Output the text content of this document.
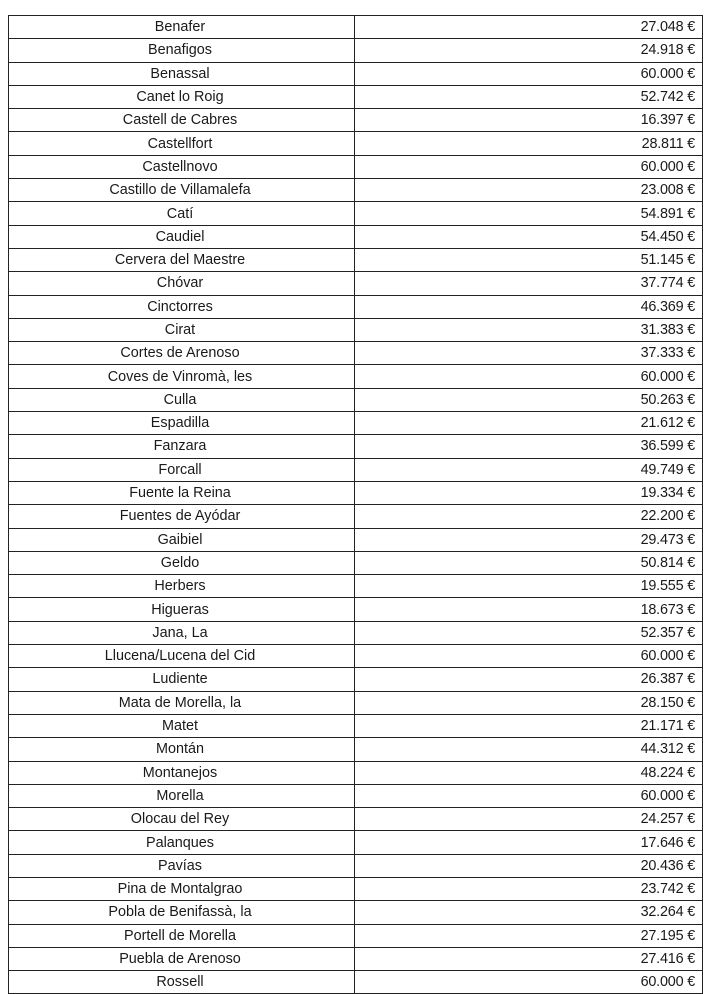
Benafer	27.048 €
Benafigos	24.918 €
Benassal	60.000 €
Canet lo Roig	52.742 €
Castell de Cabres	16.397 €
Castellfort	28.811 €
Castellnovo	60.000 €
Castillo de Villamalefa	23.008 €
Catí	54.891 €
Caudiel	54.450 €
Cervera del Maestre	51.145 €
Chóvar	37.774 €
Cinctorres	46.369 €
Cirat	31.383 €
Cortes de Arenoso	37.333 €
Coves de Vinromà, les	60.000 €
Culla	50.263 €
Espadilla	21.612 €
Fanzara	36.599 €
Forcall	49.749 €
Fuente la Reina	19.334 €
Fuentes de Ayódar	22.200 €
Gaibiel	29.473 €
Geldo	50.814 €
Herbers	19.555 €
Higueras	18.673 €
Jana, La	52.357 €
Llucena/Lucena del Cid	60.000 €
Ludiente	26.387 €
Mata de Morella, la	28.150 €
Matet	21.171 €
Montán	44.312 €
Montanejos	48.224 €
Morella	60.000 €
Olocau del Rey	24.257 €
Palanques	17.646 €
Pavías	20.436 €
Pina de Montalgrao	23.742 €
Pobla de Benifassà, la	32.264 €
Portell de Morella	27.195 €
Puebla de Arenoso	27.416 €
Rossell	60.000 €
